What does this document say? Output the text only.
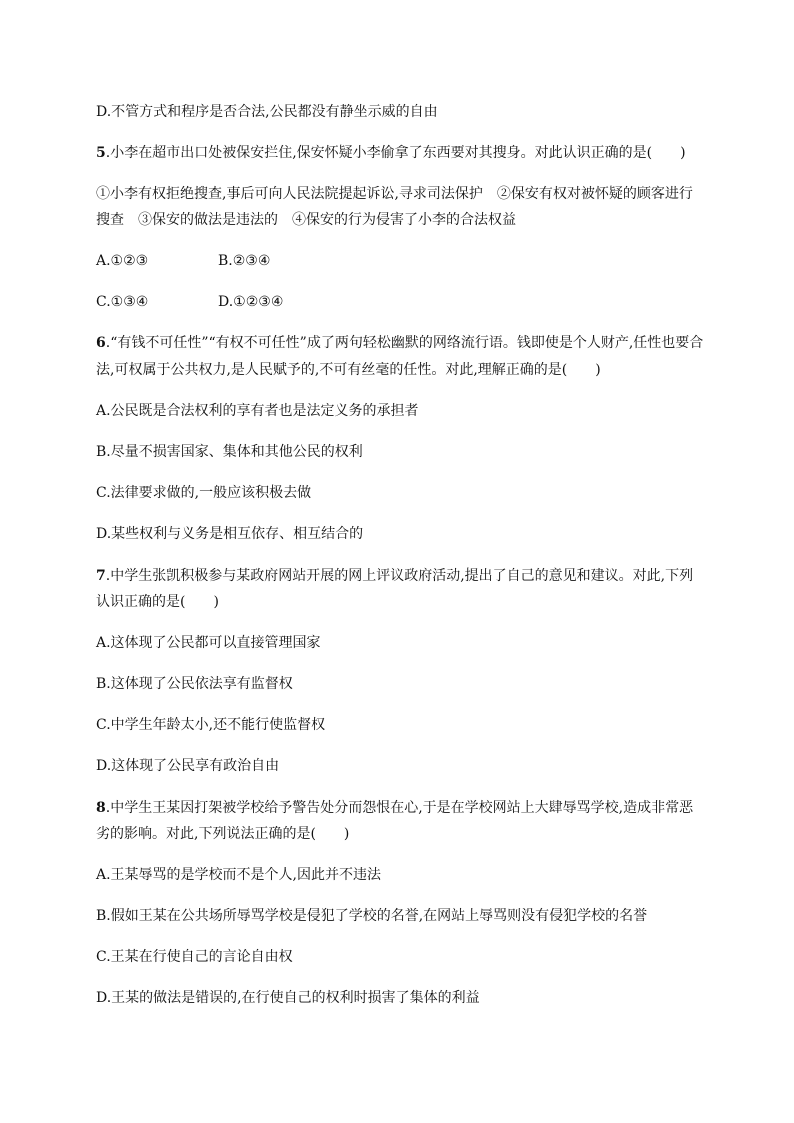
D.不管方式和程序是否合法,公民都没有静坐示威的自由
5.小李在超市出口处被保安拦住,保安怀疑小李偷拿了东西要对其搜身。对此认识正确的是(　　)
①小李有权拒绝搜查,事后可向人民法院提起诉讼,寻求司法保护　②保安有权对被怀疑的顾客进行
搜查　③保安的做法是违法的　④保安的行为侵害了小李的合法权益
A.①②③	B.②③④
C.①③④	D.①②③④
6.“有钱不可任性”“有权不可任性”成了两句轻松幽默的网络流行语。钱即使是个人财产,任性也要合
法,可权属于公共权力,是人民赋予的,不可有丝毫的任性。对此,理解正确的是(　　)
A.公民既是合法权利的享有者也是法定义务的承担者
B.尽量不损害国家、集体和其他公民的权利
C.法律要求做的,一般应该积极去做
D.某些权利与义务是相互依存、相互结合的
7.中学生张凯积极参与某政府网站开展的网上评议政府活动,提出了自己的意见和建议。对此,下列
认识正确的是(　　)
A.这体现了公民都可以直接管理国家
B.这体现了公民依法享有监督权
C.中学生年龄太小,还不能行使监督权
D.这体现了公民享有政治自由
8.中学生王某因打架被学校给予警告处分而怨恨在心,于是在学校网站上大肆辱骂学校,造成非常恶
劣的影响。对此,下列说法正确的是(　　)
A.王某辱骂的是学校而不是个人,因此并不违法
B.假如王某在公共场所辱骂学校是侵犯了学校的名誉,在网站上辱骂则没有侵犯学校的名誉
C.王某在行使自己的言论自由权
D.王某的做法是错误的,在行使自己的权利时损害了集体的利益
